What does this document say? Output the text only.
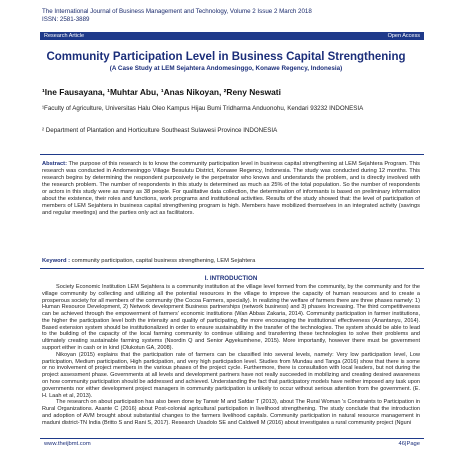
The International Journal of Business Management and Technology, Volume 2 Issue 2 March 2018
ISSN: 2581-3889
Research Article	Open Access
Community Participation Level in Business Capital Strengthening
(A Case Study at LEM Sejahtera Andomesinggo, Konawe Regency, Indonesia)
¹Ine Fausayana, ¹Muhtar Abu, ¹Anas Nikoyan, ²Reny Neswati
¹Faculty of Agriculture, Universitas Halu Oleo Kampus Hijau Bumi Tridharma Anduonohu, Kendari 93232 INDONESIA
² Department of Plantation and Horticulture Southeast Sulawesi Province INDONESIA
Abstract: The purpose of this research is to know the community participation level in business capital strengthening at LEM Sejahtera Program. This research was conducted in Andomesinggo Village Besulutu District, Konawe Regency, Indonesia. The study was conducted during 12 months. This research begins by determining the respondent purposively ie the perpetrator who knows and understands the problem, and is directly involved with the research problem. The number of respondents in this study is determined as much as 25% of the total population. So the number of respondents or actors in this study were as many as 38 people. For qualitative data collection, the determination of informants is based on preliminary information about the existence, their roles and functions, work programs and institutional activities. Results of the study showed that: the level of participation of members of LEM Sejahtera in business capital strengthening program is high. Members have mobilized themselves in an integrated activity (savings and regular meetings) and the parties only act as facilitators.
Keyword : community participation, capital business strengthening, LEM Sejahtera
I. INTRODUCTION

Society Economic Institution LEM Sejahtera is a community institution at the village level formed from the community, by the community and for the village community by collecting and utilizing all the potential resources in the village to improve the capacity of human resources and to create a prosperous society for all members of the community (the Cocoa Farmers, specially). In realizing the welfare of farmers there are three phases namely: 1) Human Resource Development, 2) Network development Business partnerships (network business) and 3) phases Increasing. The third competitiveness can be achieved through the empowerment of farmers' economic institutions (Wan Abbas Zakaria, 2014). Community participation in farmer institutions, the higher the participation level both the intensity and quality of participating, the more encouraging the institutional effectiveness (Anantanyu, 2014). Based extension system should be institutionalized in order to ensure sustainability in the transfer of the technologies. The system should be able to lead to the building of the capacity of the local farming community to continue utilising and transferring these technologies to solve their problems and ultimately creating sustainable farming systems (Nsordin Q and Senior Agyekumhene, 2015). More importantly, however there must be government support either in cash or in kind (Olukotun GA, 2008).

Nikoyan (2015) explains that the participation rate of farmers can be classified into several levels, namely: Very low participation level, Low participation, Medium participation, High participation, and very high participation level. Studies from Mundau and Tanga (2016) show that there is some or no involvement of project members in the various phases of the project cycle. Furthermore, there is consultation with local leaders, but not during the project assessment phase. Governments at all levels and development partners have not really succeeded in mobilizing and creating desired awareness on how community participation should be addressed and achieved. Understanding the fact that participatory models have neither imposed any task upon governments nor either development project managers in community participation is unlikely to occur without serious attention from the government. (E. H. Laah et al, 2013).

The research on about participation has also been done by Tanwir M and Safdar T (2013), about The Rural Woman 's Constraints to Participation in Rural Organizations. Asante C (2016) about Post-colonial agricultural participation in livelihood strengthening. The study conclude that the introduction and adoption of AVM brought about substantial changes to the farmers livelihood capitals. Community participation in natural resource management in maduni district-TN India (Britto S and Rani S, 2017). Research Usadolo SE and Caldwell M (2016) about investigates a rural community project (Nguni

www.theijbmt.com	46|Page
